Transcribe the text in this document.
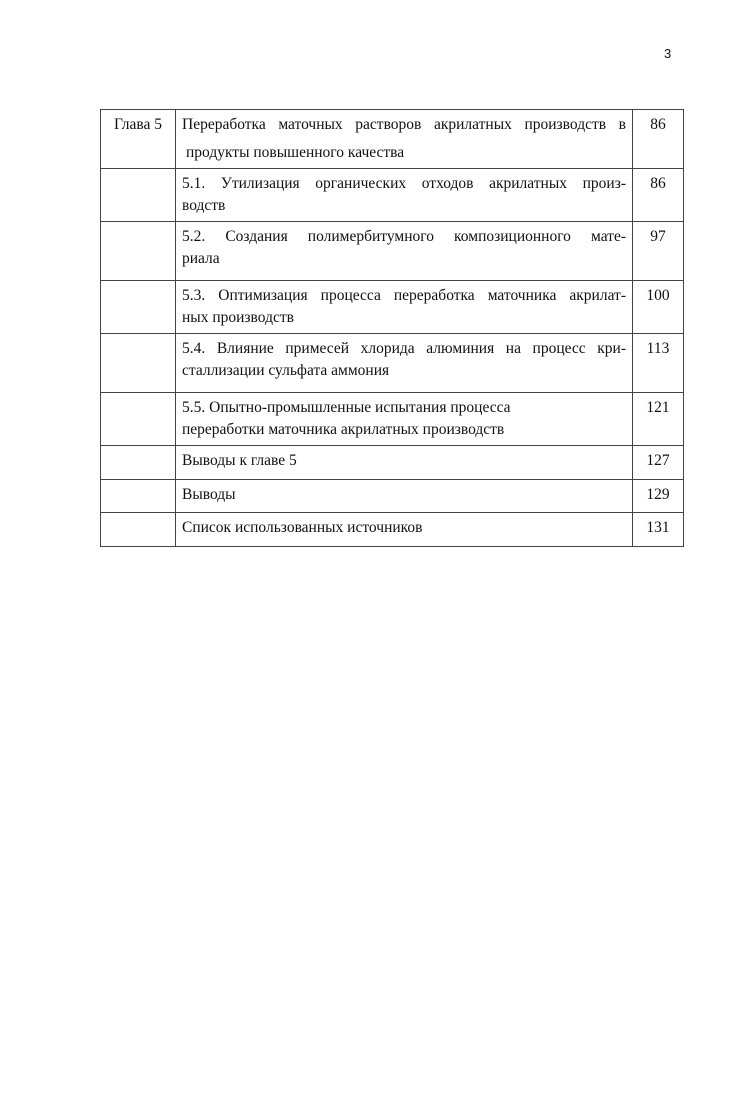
3
Глава 5	Переработка маточных растворов акрилатных производств в
продукты повышенного качества	86

	5.1. Утилизация органических отходов акрилатных произ-
водств	86

	5.2. Создания полимербитумного композиционного мате-
риала	97

	5.3. Оптимизация процесса переработка маточника акрилат-
ных производств	100

	5.4. Влияние примесей хлорида алюминия на процесс кри-
сталлизации сульфата аммония	113

	5.5. Опытно-промышленные испытания процесса
переработки маточника акрилатных производств	121

	Выводы к главе 5	127

	Выводы	129

	Список использованных источников	131
